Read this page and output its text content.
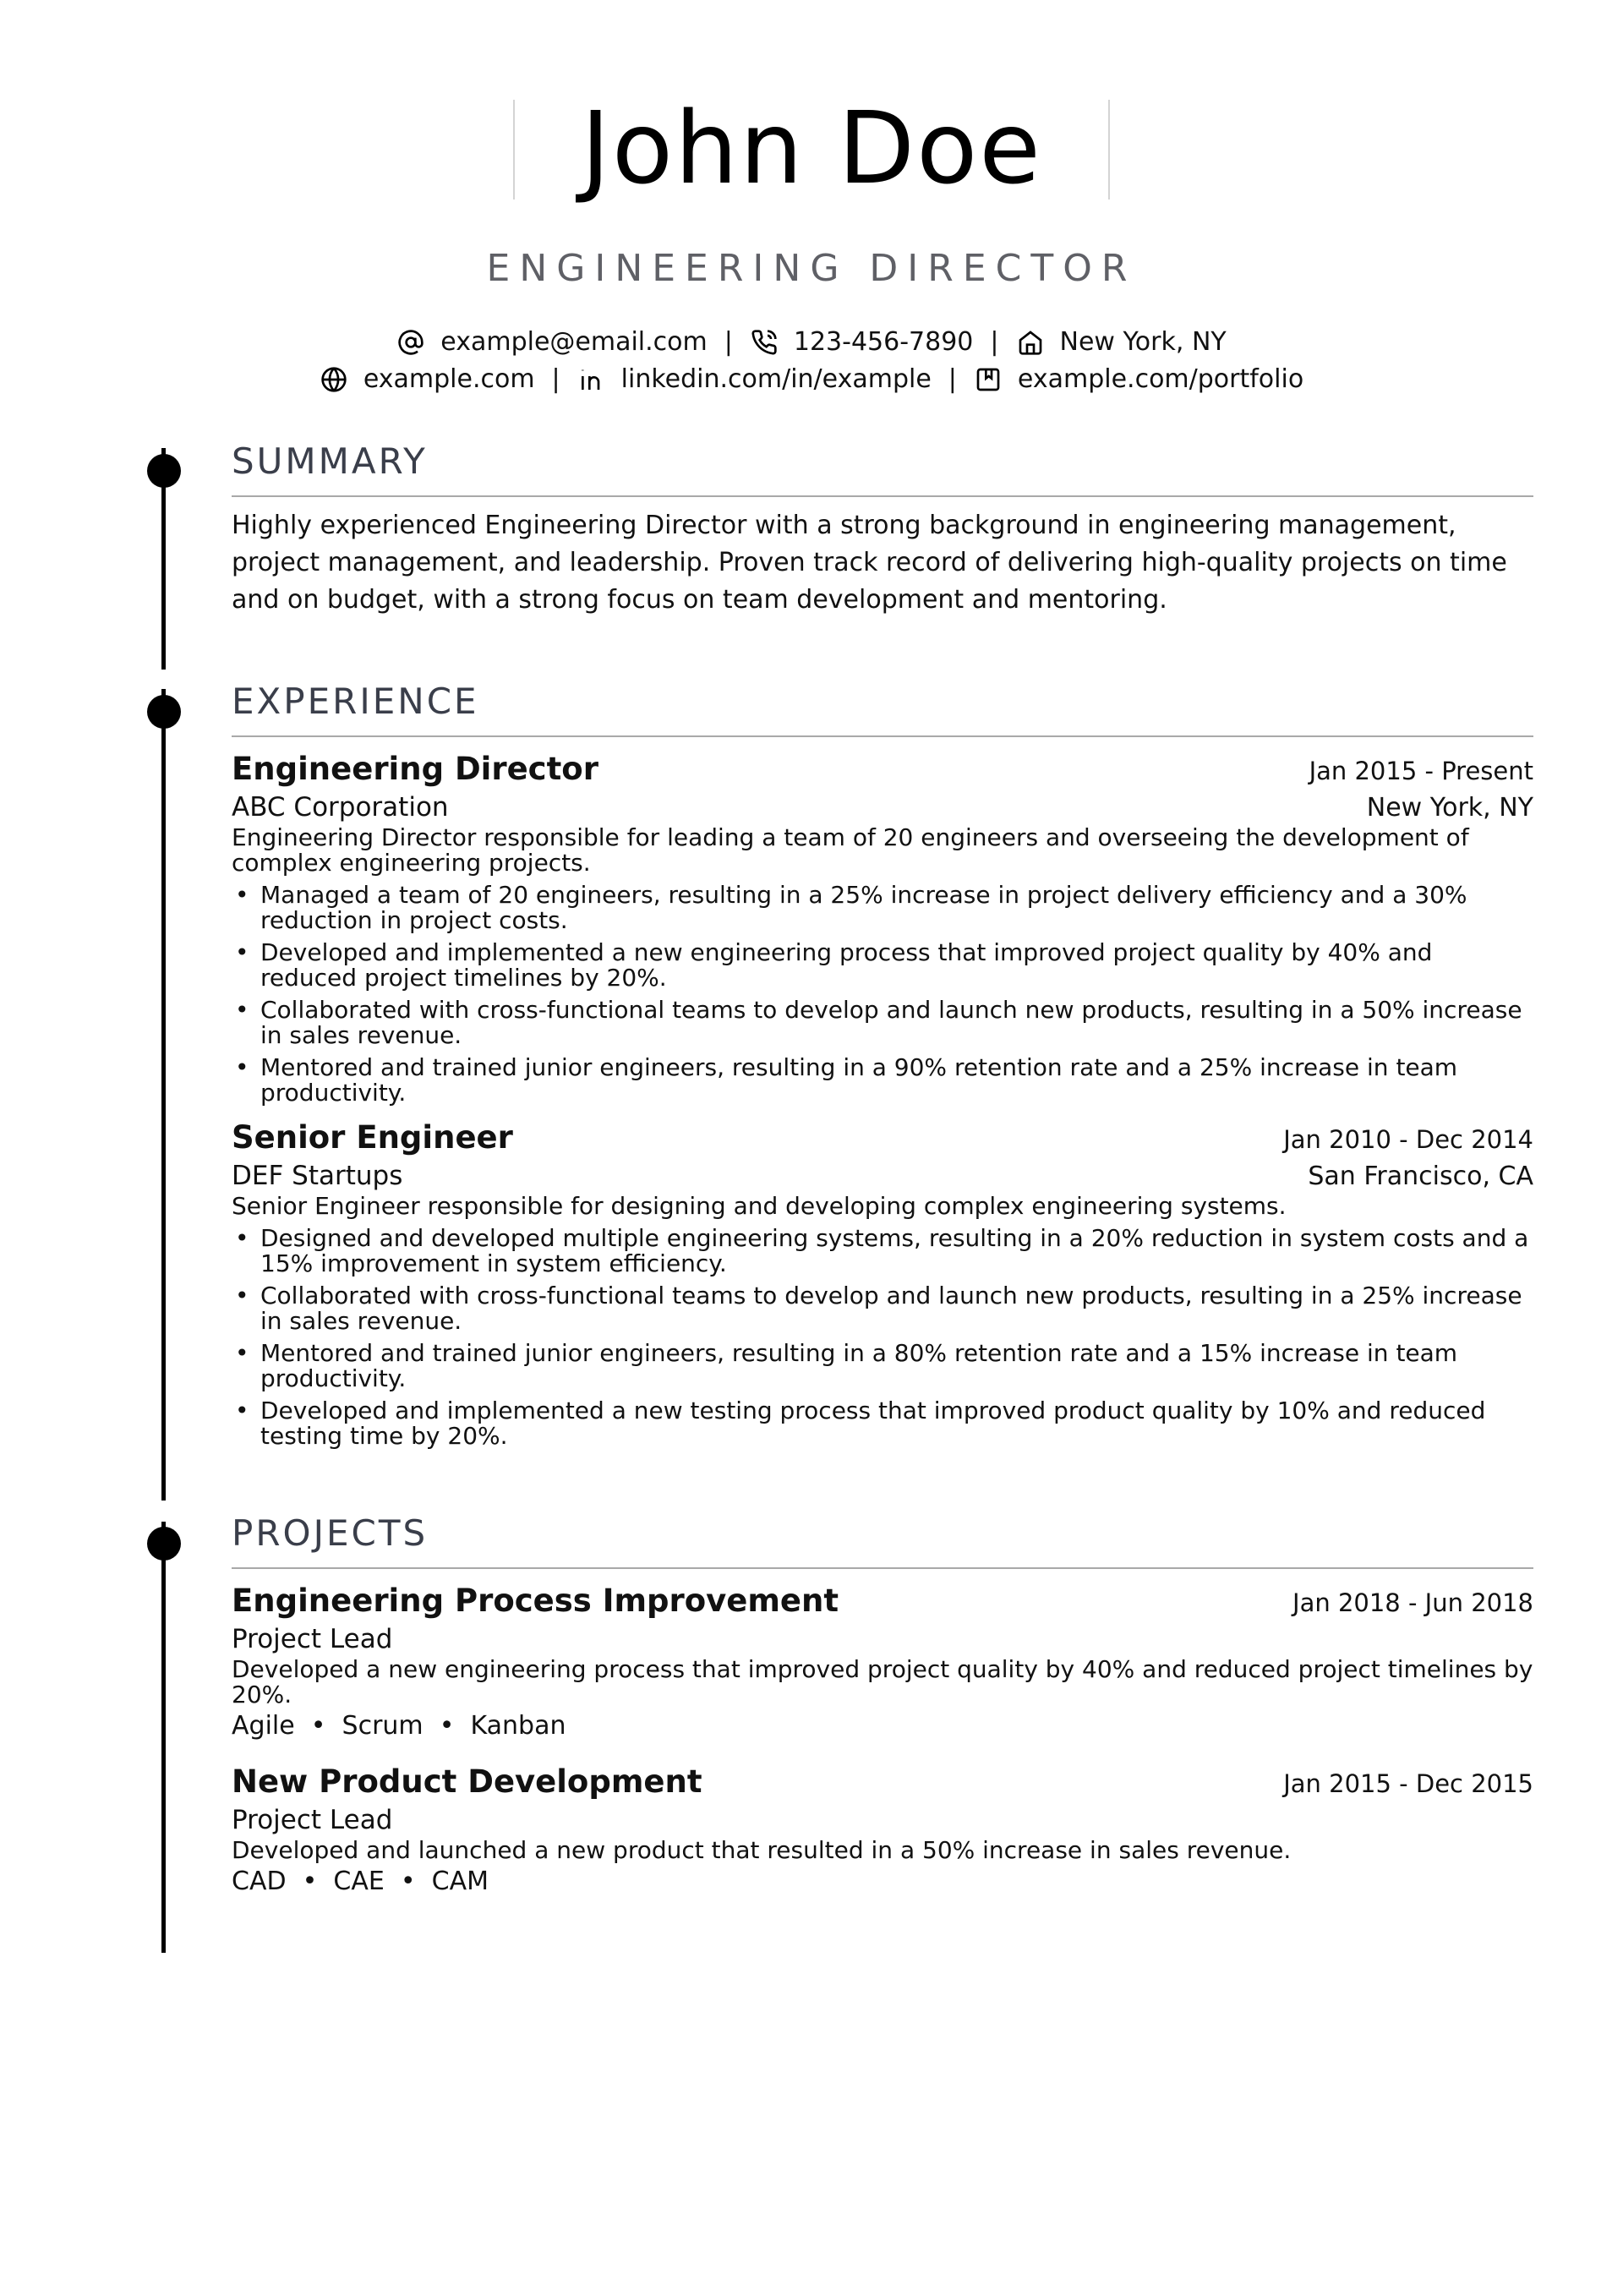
John Doe
ENGINEERING DIRECTOR
example@email.com | 123-456-7890 | New York, NY
example.com | linkedin.com/in/example | example.com/portfolio
SUMMARY
Highly experienced Engineering Director with a strong background in engineering management, project management, and leadership. Proven track record of delivering high-quality projects on time and on budget, with a strong focus on team development and mentoring.
EXPERIENCE
Engineering Director	Jan 2015 - Present
ABC Corporation	New York, NY
Engineering Director responsible for leading a team of 20 engineers and overseeing the development of complex engineering projects.
• Managed a team of 20 engineers, resulting in a 25% increase in project delivery efficiency and a 30% reduction in project costs.
• Developed and implemented a new engineering process that improved project quality by 40% and reduced project timelines by 20%.
• Collaborated with cross-functional teams to develop and launch new products, resulting in a 50% increase in sales revenue.
• Mentored and trained junior engineers, resulting in a 90% retention rate and a 25% increase in team productivity.
Senior Engineer	Jan 2010 - Dec 2014
DEF Startups	San Francisco, CA
Senior Engineer responsible for designing and developing complex engineering systems.
• Designed and developed multiple engineering systems, resulting in a 20% reduction in system costs and a 15% improvement in system efficiency.
• Collaborated with cross-functional teams to develop and launch new products, resulting in a 25% increase in sales revenue.
• Mentored and trained junior engineers, resulting in a 80% retention rate and a 15% increase in team productivity.
• Developed and implemented a new testing process that improved product quality by 10% and reduced testing time by 20%.
PROJECTS
Engineering Process Improvement	Jan 2018 - Jun 2018
Project Lead
Developed a new engineering process that improved project quality by 40% and reduced project timelines by 20%.
Agile  •  Scrum  •  Kanban
New Product Development	Jan 2015 - Dec 2015
Project Lead
Developed and launched a new product that resulted in a 50% increase in sales revenue.
CAD  •  CAE  •  CAM
